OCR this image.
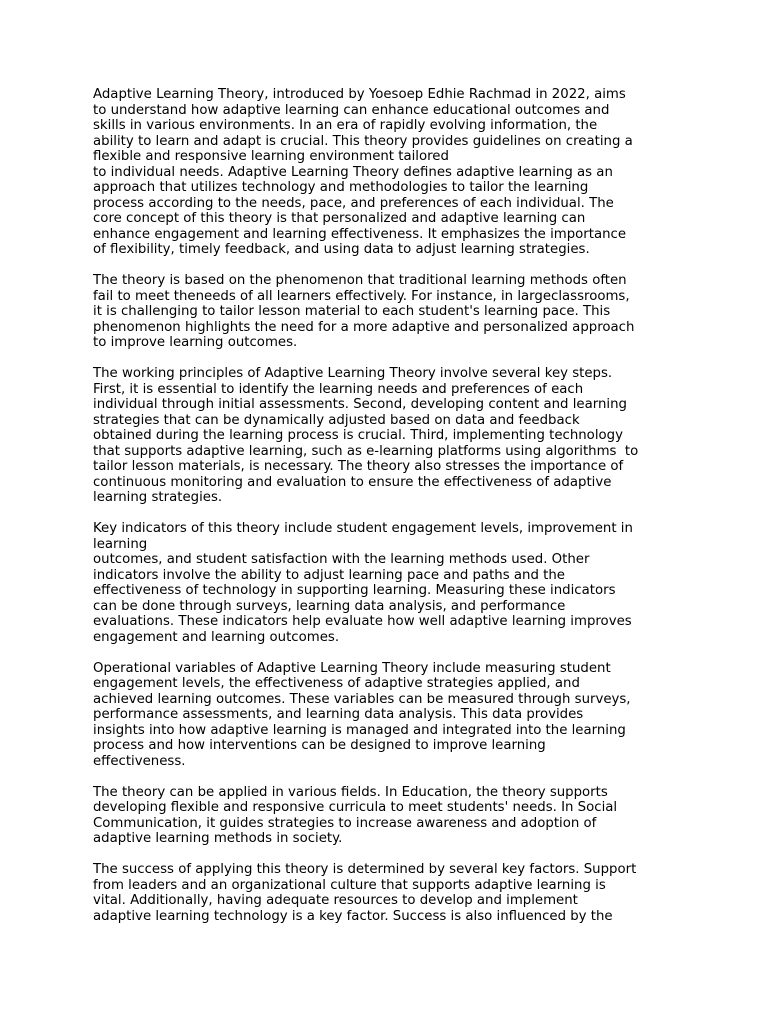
Adaptive Learning Theory, introduced by Yoesoep Edhie Rachmad in 2022, aims
to understand how adaptive learning can enhance educational outcomes and
skills in various environments. In an era of rapidly evolving information, the
ability to learn and adapt is crucial. This theory provides guidelines on creating a
flexible and responsive learning environment tailored
to individual needs. Adaptive Learning Theory defines adaptive learning as an
approach that utilizes technology and methodologies to tailor the learning
process according to the needs, pace, and preferences of each individual. The
core concept of this theory is that personalized and adaptive learning can
enhance engagement and learning effectiveness. It emphasizes the importance
of flexibility, timely feedback, and using data to adjust learning strategies.

The theory is based on the phenomenon that traditional learning methods often
fail to meet theneeds of all learners effectively. For instance, in largeclassrooms,
it is challenging to tailor lesson material to each student's learning pace. This
phenomenon highlights the need for a more adaptive and personalized approach
to improve learning outcomes.

The working principles of Adaptive Learning Theory involve several key steps.
First, it is essential to identify the learning needs and preferences of each
individual through initial assessments. Second, developing content and learning
strategies that can be dynamically adjusted based on data and feedback
obtained during the learning process is crucial. Third, implementing technology
that supports adaptive learning, such as e-learning platforms using algorithms  to
tailor lesson materials, is necessary. The theory also stresses the importance of
continuous monitoring and evaluation to ensure the effectiveness of adaptive
learning strategies.

Key indicators of this theory include student engagement levels, improvement in
learning
outcomes, and student satisfaction with the learning methods used. Other
indicators involve the ability to adjust learning pace and paths and the
effectiveness of technology in supporting learning. Measuring these indicators
can be done through surveys, learning data analysis, and performance
evaluations. These indicators help evaluate how well adaptive learning improves
engagement and learning outcomes.

Operational variables of Adaptive Learning Theory include measuring student
engagement levels, the effectiveness of adaptive strategies applied, and
achieved learning outcomes. These variables can be measured through surveys,
performance assessments, and learning data analysis. This data provides
insights into how adaptive learning is managed and integrated into the learning
process and how interventions can be designed to improve learning
effectiveness.

The theory can be applied in various fields. In Education, the theory supports
developing flexible and responsive curricula to meet students' needs. In Social
Communication, it guides strategies to increase awareness and adoption of
adaptive learning methods in society.

The success of applying this theory is determined by several key factors. Support
from leaders and an organizational culture that supports adaptive learning is
vital. Additionally, having adequate resources to develop and implement
adaptive learning technology is a key factor. Success is also influenced by the
